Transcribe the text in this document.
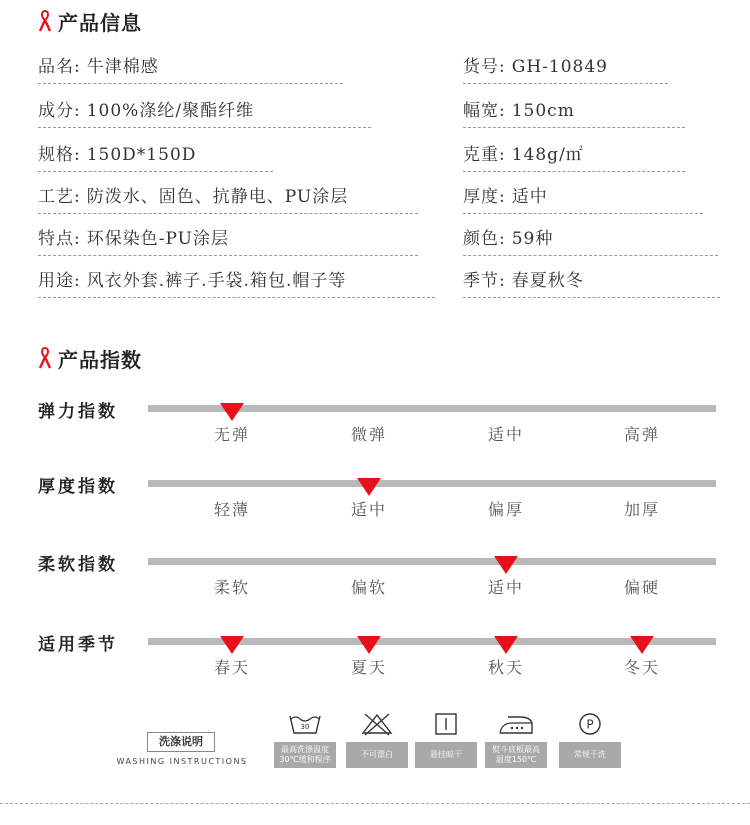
产品信息
品名: 牛津棉感
成分: 100%涤纶/聚酯纤维
规格: 150D*150D
工艺: 防泼水、固色、抗静电、PU涂层
特点: 环保染色-PU涂层
用途: 风衣外套.裤子.手袋.箱包.帽子等
货号: GH-10849
幅宽: 150cm
克重: 148g/㎡
厚度: 适中
颜色: 59种
季节: 春夏秋冬
产品指数
弹力指数
无弹	微弹	适中	高弹
厚度指数
轻薄	适中	偏厚	加厚
柔软指数
柔软	偏软	适中	偏硬
适用季节
春天	夏天	秋天	冬天
洗涤说明
WASHING INSTRUCTIONS
30
最高洗涤温度
30℃缓和程序
不可漂白	悬挂晾干
熨斗底板最高
温度150℃
P
常规干洗
